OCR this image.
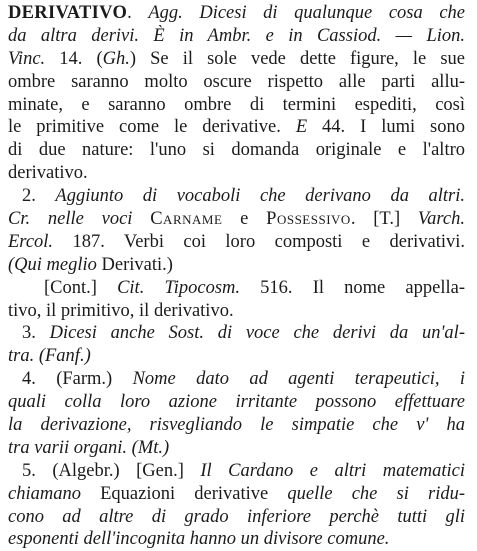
DERIVATIVO. Agg. Dicesi di qualunque cosa che
da altra derivi. È in Ambr. e in Cassiod. — Lion.
Vinc. 14. (Gh.) Se il sole vede dette figure, le sue
ombre saranno molto oscure rispetto alle parti allu-
minate, e saranno ombre di termini espediti, così
le primitive come le derivative. E 44. I lumi sono
di due nature: l'uno si domanda originale e l'altro
derivativo.
2. Aggiunto di vocaboli che derivano da altri.
Cr. nelle voci Carname e Possessivo. [T.] Varch.
Ercol. 187. Verbi coi loro composti e derivativi.
(Qui meglio Derivati.)
[Cont.] Cit. Tipocosm. 516. Il nome appella-
tivo, il primitivo, il derivativo.
3. Dicesi anche Sost. di voce che derivi da un'al-
tra. (Fanf.)
4. (Farm.) Nome dato ad agenti terapeutici, i
quali colla loro azione irritante possono effettuare
la derivazione, risvegliando le simpatie che v' ha
tra varii organi. (Mt.)
5. (Algebr.) [Gen.] Il Cardano e altri matematici
chiamano Equazioni derivative quelle che si ridu-
cono ad altre di grado inferiore perchè tutti gli
esponenti dell'incognita hanno un divisore comune.
